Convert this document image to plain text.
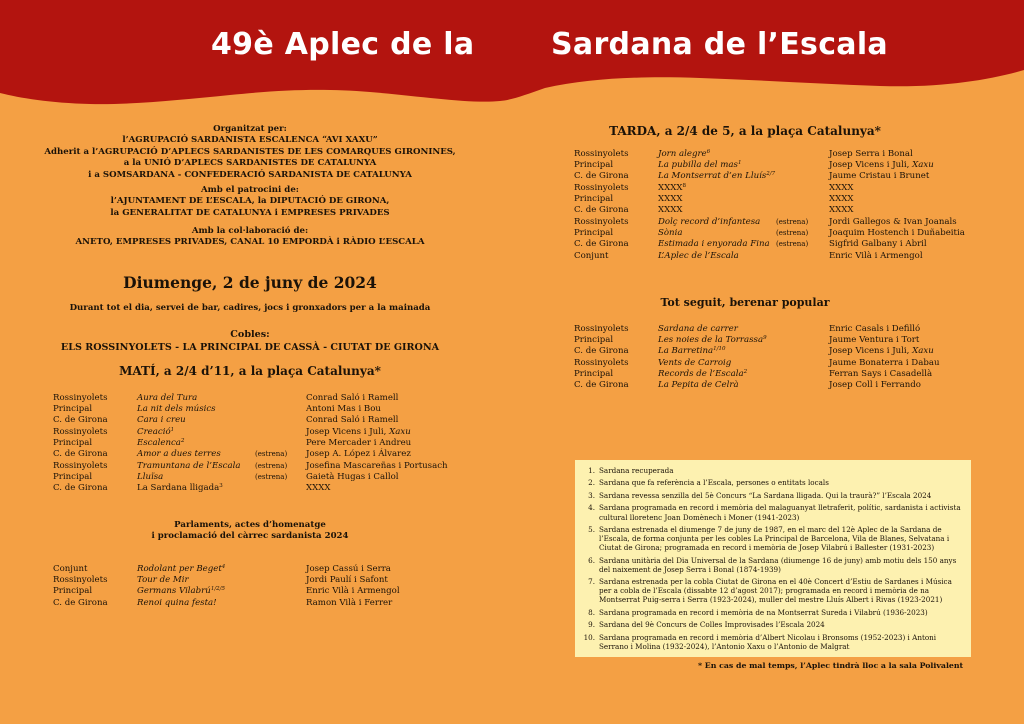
49è Aplec de la	Sardana de l’Escala
Organitzat per:
l’AGRUPACIÓ SARDANISTA ESCALENCA “AVI XAXU”
Adherit a l’AGRUPACIÓ D’APLECS SARDANISTES DE LES COMARQUES GIRONINES,
a la UNIÓ D’APLECS SARDANISTES DE CATALUNYA
i a SOMSARDANA - CONFEDERACIÓ SARDANISTA DE CATALUNYA
Amb el patrocini de:
l’AJUNTAMENT DE L’ESCALA, la DIPUTACIÓ DE GIRONA,
la GENERALITAT DE CATALUNYA i EMPRESES PRIVADES
Amb la col·laboració de:
ANETO, EMPRESES PRIVADES, CANAL 10 EMPORDÀ i RÀDIO L’ESCALA
Diumenge, 2 de juny de 2024
Durant tot el dia, servei de bar, cadires, jocs i gronxadors per a la mainada
Cobles:
ELS ROSSINYOLETS - LA PRINCIPAL DE CASSÀ - CIUTAT DE GIRONA
MATÍ, a 2/4 d’11, a la plaça Catalunya*
Rossinyolets	Aura del Tura		Conrad Saló i Ramell
Principal	La nit dels músics		Antoni Mas i Bou
C. de Girona	Cara i creu		Conrad Saló i Ramell
Rossinyolets	Creació$^1$		Josep Vicens i Juli, Xaxu
Principal	Escalenca$^2$		Pere Mercader i Andreu
C. de Girona	Amor a dues terres	(estrena)	Josep A. López i Álvarez
Rossinyolets	Tramuntana de l’Escala	(estrena)	Josefina Mascareñas i Portusach
Principal	Lluïsa	(estrena)	Gaietà Hugas i Callol
C. de Girona	La Sardana lligada$^3$		XXXX
Parlaments, actes d’homenatge
i proclamació del càrrec sardanista 2024
Conjunt	Rodolant per Beget$^4$		Josep Cassú i Serra
Rossinyolets	Tour de Mir		Jordi Paulí i Safont
Principal	Germans Vilabrú$^{1/2/5}$		Enric Vilà i Armengol
C. de Girona	Renoi quina festa!		Ramon Vilà i Ferrer
TARDA, a 2/4 de 5, a la plaça Catalunya*
Rossinyolets	Jorn alegre$^6$		Josep Serra i Bonal
Principal	La pubilla del mas$^1$		Josep Vicens i Juli, Xaxu
C. de Girona	La Montserrat d’en Lluís$^{2/7}$		Jaume Cristau i Brunet
Rossinyolets	XXXX$^8$		XXXX
Principal	XXXX		XXXX
C. de Girona	XXXX		XXXX
Rossinyolets	Dolç record d’infantesa	(estrena)	Jordi Gallegos & Ivan Joanals
Principal	Sònia	(estrena)	Joaquim Hostench i Duñabeitia
C. de Girona	Estimada i enyorada Fina	(estrena)	Sigfrid Galbany i Abril
Conjunt	L’Aplec de l’Escala		Enric Vilà i Armengol
Tot seguit, berenar popular
Rossinyolets	Sardana de carrer		Enric Casals i Defilló
Principal	Les noies de la Torrassa$^9$		Jaume Ventura i Tort
C. de Girona	La Barretina$^{1/10}$		Josep Vicens i Juli, Xaxu
Rossinyolets	Vents de Carroig		Jaume Bonaterra i Dabau
Principal	Records de l’Escala$^2$		Ferran Says i Casadellà
C. de Girona	La Pepita de Celrà		Josep Coll i Ferrando
1. Sardana recuperada
2. Sardana que fa referència a l’Escala, persones o entitats locals
3. Sardana revessa senzilla del 5è Concurs “La Sardana lligada. Qui la traurà?” l’Escala 2024
4. Sardana programada en record i memòria del malaguanyat lletraferit, polític, sardanista i activista cultural lloretenc Joan Domènech i Moner (1941-2023)
5. Sardana estrenada el diumenge 7 de juny de 1987, en el marc del 12è Aplec de la Sardana de l’Escala, de forma conjunta per les cobles La Principal de Barcelona, Vila de Blanes, Selvatana i Ciutat de Girona; programada en record i memòria de Josep Vilabrú i Ballester (1931-2023)
6. Sardana unitària del Dia Universal de la Sardana (diumenge 16 de juny) amb motiu dels 150 anys del naixement de Josep Serra i Bonal (1874-1939)
7. Sardana estrenada per la cobla Ciutat de Girona en el 40è Concert d’Estiu de Sardanes i Música per a cobla de l’Escala (dissabte 12 d’agost 2017); programada en record i memòria de na Montserrat Puig-serra i Serra (1923-2024), muller del mestre Lluís Albert i Rivas (1923-2021)
8. Sardana programada en record i memòria de na Montserrat Sureda i Vilabrú (1936-2023)
9. Sardana del 9è Concurs de Colles Improvisades l’Escala 2024
10. Sardana programada en record i memòria d’Albert Nicolau i Bronsoms (1952-2023) i Antoni Serrano i Molina (1932-2024), l’Antonio Xaxu o l’Antonio de Malgrat
* En cas de mal temps, l’Aplec tindrà lloc a la sala Polivalent
